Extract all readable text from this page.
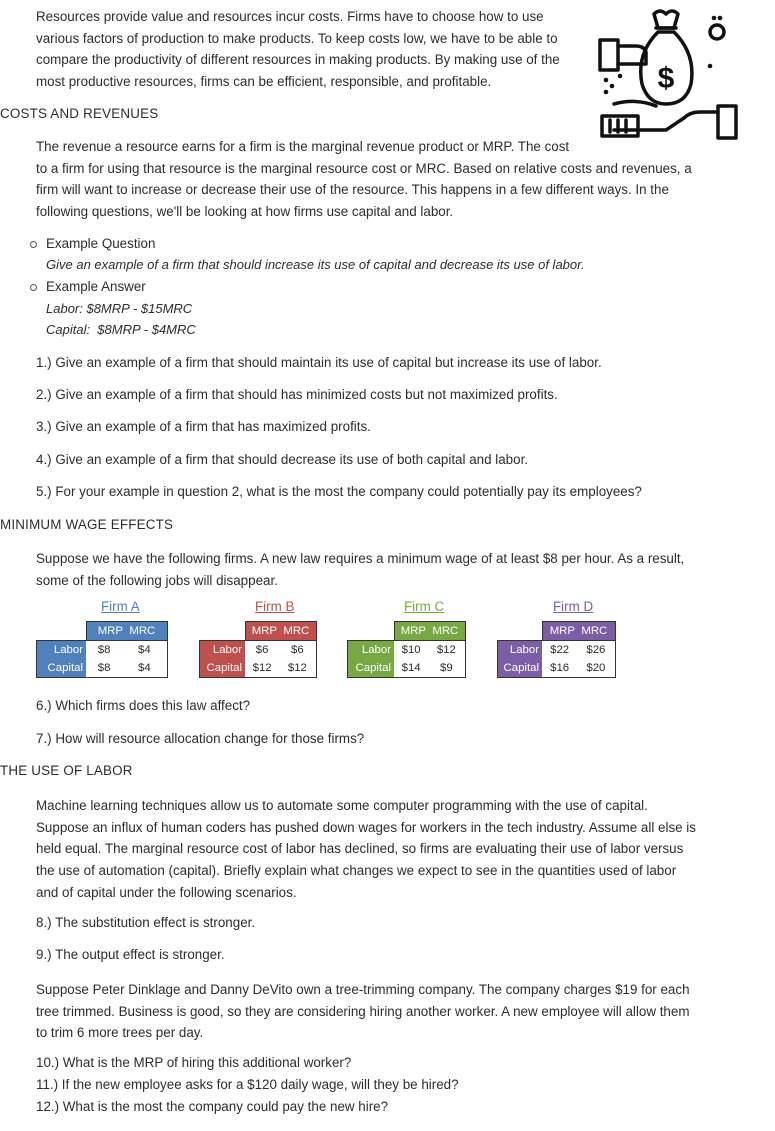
Resources provide value and resources incur costs. Firms have to choose how to use
various factors of production to make products. To keep costs low, we have to be able to
compare the productivity of different resources in making products. By making use of the
most productive resources, firms can be efficient, responsible, and profitable.	$
COSTS AND REVENUES
The revenue a resource earns for a firm is the marginal revenue product or MRP. The cost
to a firm for using that resource is the marginal resource cost or MRC. Based on relative costs and revenues, a
firm will want to increase or decrease their use of the resource. This happens in a few different ways. In the
following questions, we'll be looking at how firms use capital and labor.
Example Question
Give an example of a firm that should increase its use of capital and decrease its use of labor.
Example Answer
Labor: $8MRP - $15MRC
Capital:  $8MRP - $4MRC
1.) Give an example of a firm that should maintain its use of capital but increase its use of labor.
2.) Give an example of a firm that should has minimized costs but not maximized profits.
3.) Give an example of a firm that has maximized profits.
4.) Give an example of a firm that should decrease its use of both capital and labor.
5.) For your example in question 2, what is the most the company could potentially pay its employees?
MINIMUM WAGE EFFECTS
Suppose we have the following firms. A new law requires a minimum wage of at least $8 per hour. As a result,
some of the following jobs will disappear.
Firm A	Firm B	Firm C	Firm D
	MRP MRC	
Labor	$8	$4
Capital	$8	$4
	MRP MRC	
Labor	$6	$6
Capital	$12	$12
	MRP MRC	
Labor	$10	$12
Capital	$14	$9
	MRP MRC	
Labor	$22	$26
Capital	$16	$20
6.) Which firms does this law affect?
7.) How will resource allocation change for those firms?
THE USE OF LABOR
Machine learning techniques allow us to automate some computer programming with the use of capital.
Suppose an influx of human coders has pushed down wages for workers in the tech industry. Assume all else is
held equal. The marginal resource cost of labor has declined, so firms are evaluating their use of labor versus
the use of automation (capital). Briefly explain what changes we expect to see in the quantities used of labor
and of capital under the following scenarios.
8.) The substitution effect is stronger.
9.) The output effect is stronger.
Suppose Peter Dinklage and Danny DeVito own a tree-trimming company. The company charges $19 for each
tree trimmed. Business is good, so they are considering hiring another worker. A new employee will allow them
to trim 6 more trees per day.
10.) What is the MRP of hiring this additional worker?
11.) If the new employee asks for a $120 daily wage, will they be hired?
12.) What is the most the company could pay the new hire?
